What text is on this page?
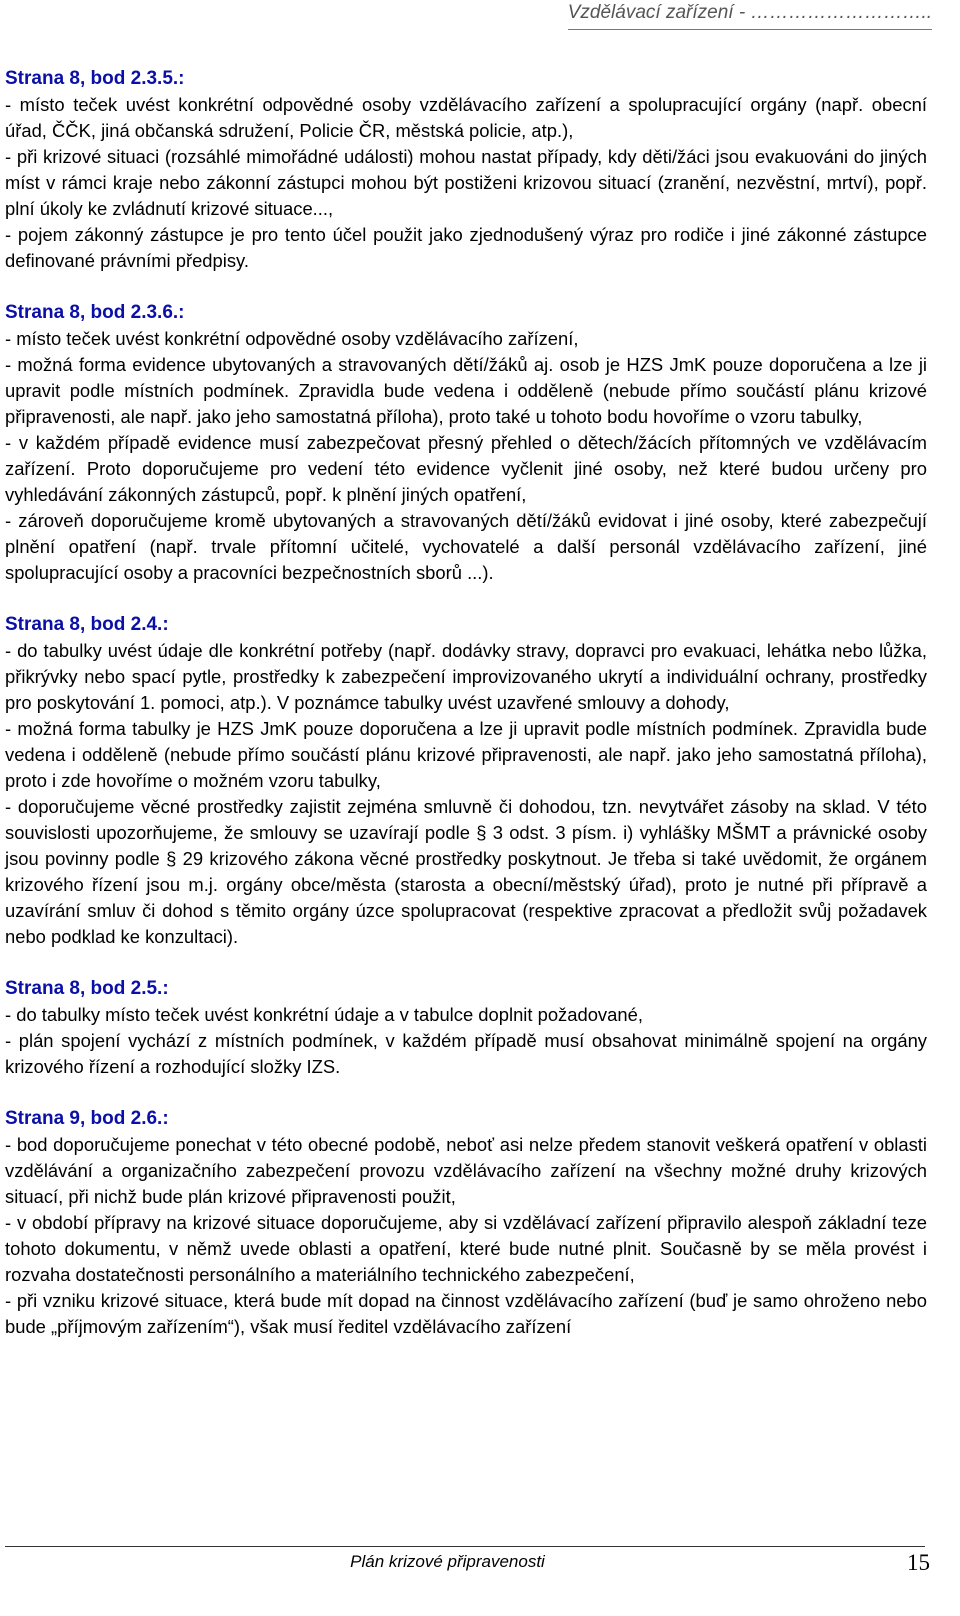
Vzdělávací zařízení - ………………………..
Strana 8, bod 2.3.5.:

- místo teček uvést konkrétní odpovědné osoby vzdělávacího zařízení a spolupracující orgány (např. obecní úřad, ČČK, jiná občanská sdružení, Policie ČR, městská policie, atp.),

- při krizové situaci (rozsáhlé mimořádné události) mohou nastat případy, kdy děti/žáci jsou evakuováni do jiných míst v rámci kraje nebo zákonní zástupci mohou být postiženi krizovou situací (zranění, nezvěstní, mrtví), popř. plní úkoly ke zvládnutí krizové situace...,

- pojem zákonný zástupce je pro tento účel použit jako zjednodušený výraz pro rodiče i jiné zákonné zástupce definované právními předpisy.

Strana 8, bod 2.3.6.:

- místo teček uvést konkrétní odpovědné osoby vzdělávacího zařízení,

- možná forma evidence ubytovaných a stravovaných dětí/žáků aj. osob je HZS JmK pouze doporučena a lze ji upravit podle místních podmínek. Zpravidla bude vedena i odděleně (nebude přímo součástí plánu krizové připravenosti, ale např. jako jeho samostatná příloha), proto také u tohoto bodu hovoříme o vzoru tabulky,

- v každém případě evidence musí zabezpečovat přesný přehled o dětech/žácích přítomných ve vzdělávacím zařízení. Proto doporučujeme pro vedení této evidence vyčlenit jiné osoby, než které budou určeny pro vyhledávání zákonných zástupců, popř. k plnění jiných opatření,

- zároveň doporučujeme kromě ubytovaných a stravovaných dětí/žáků evidovat i jiné osoby, které zabezpečují plnění opatření (např. trvale přítomní učitelé, vychovatelé a další personál vzdělávacího zařízení, jiné spolupracující osoby a pracovníci bezpečnostních sborů ...).

Strana 8, bod 2.4.:

- do tabulky uvést údaje dle konkrétní potřeby (např. dodávky stravy, dopravci pro evakuaci, lehátka nebo lůžka, přikrývky nebo spací pytle, prostředky k zabezpečení improvizovaného ukrytí a individuální ochrany, prostředky pro poskytování 1. pomoci, atp.). V poznámce tabulky uvést uzavřené smlouvy a dohody,

- možná forma tabulky je HZS JmK pouze doporučena a lze ji upravit podle místních podmínek. Zpravidla bude vedena i odděleně (nebude přímo součástí plánu krizové připravenosti, ale např. jako jeho samostatná příloha), proto i zde hovoříme o možném vzoru tabulky,

- doporučujeme věcné prostředky zajistit zejména smluvně či dohodou, tzn. nevytvářet zásoby na sklad. V této souvislosti upozorňujeme, že smlouvy se uzavírají podle § 3 odst. 3 písm. i) vyhlášky MŠMT a právnické osoby jsou povinny podle § 29 krizového zákona věcné prostředky poskytnout. Je třeba si také uvědomit, že orgánem krizového řízení jsou m.j. orgány obce/města (starosta a obecní/městský úřad), proto je nutné při přípravě a uzavírání smluv či dohod s těmito orgány úzce spolupracovat (respektive zpracovat a předložit svůj požadavek nebo podklad ke konzultaci).

Strana 8, bod 2.5.:

- do tabulky místo teček uvést konkrétní údaje a v tabulce doplnit požadované,

- plán spojení vychází z místních podmínek, v každém případě musí obsahovat minimálně spojení na orgány krizového řízení a rozhodující složky IZS.

Strana 9, bod 2.6.:

- bod doporučujeme ponechat v této obecné podobě, neboť asi nelze předem stanovit veškerá opatření v oblasti vzdělávání a organizačního zabezpečení provozu vzdělávacího zařízení na všechny možné druhy krizových situací, při nichž bude plán krizové připravenosti použit,

- v období přípravy na krizové situace doporučujeme, aby si vzdělávací zařízení připravilo alespoň základní teze tohoto dokumentu, v němž uvede oblasti a opatření, které bude nutné plnit. Současně by se měla provést i rozvaha dostatečnosti personálního a materiálního technického zabezpečení,

- při vzniku krizové situace, která bude mít dopad na činnost vzdělávacího zařízení (buď je samo ohroženo nebo bude „příjmovým zařízením“), však musí ředitel vzdělávacího zařízení

Plán krizové připravenosti	15
